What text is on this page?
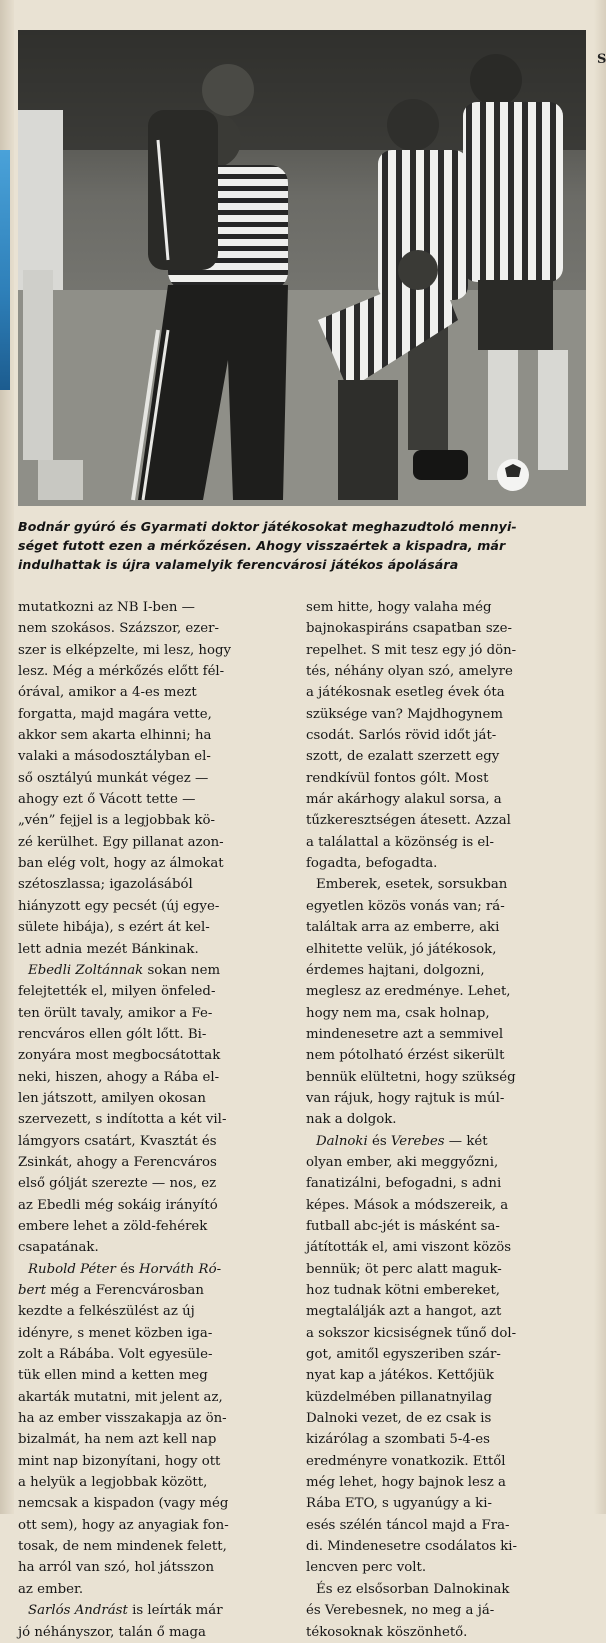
S
Bodnár gyúró és Gyarmati doktor játékosokat meghazudtoló mennyi-
séget futott ezen a mérkőzésen. Ahogy visszaértek a kispadra, már
indulhattak is újra valamelyik ferencvárosi játékos ápolására
mutatkozni az NB I-ben —
nem szokásos. Százszor, ezer-
szer is elképzelte, mi lesz, hogy
lesz. Még a mérkőzés előtt fél-
órával, amikor a 4-es mezt
forgatta, majd magára vette,
akkor sem akarta elhinni; ha
valaki a másodosztályban el-
ső osztályú munkát végez —
ahogy ezt ő Vácott tette —
„vén” fejjel is a legjobbak kö-
zé kerülhet. Egy pillanat azon-
ban elég volt, hogy az álmokat
szétoszlassa; igazolásából
hiányzott egy pecsét (új egye-
sülete hibája), s ezért át kel-
lett adnia mezét Bánkinak.
Ebedli Zoltánnak sokan nem
felejtették el, milyen önfeled-
ten örült tavaly, amikor a Fe-
rencváros ellen gólt lőtt. Bi-
zonyára most megbocsátottak
neki, hiszen, ahogy a Rába el-
len játszott, amilyen okosan
szervezett, s indította a két vil-
lámgyors csatárt, Kvasztát és
Zsinkát, ahogy a Ferencváros
első gólját szerezte — nos, ez
az Ebedli még sokáig irányító
embere lehet a zöld-fehérek
csapatának.
Rubold Péter és Horváth Ró-
bert még a Ferencvárosban
kezdte a felkészülést az új
idényre, s menet közben iga-
zolt a Rábába. Volt egyesüle-
tük ellen mind a ketten meg
akarták mutatni, mit jelent az,
ha az ember visszakapja az ön-
bizalmát, ha nem azt kell nap
mint nap bizonyítani, hogy ott
a helyük a legjobbak között,
nemcsak a kispadon (vagy még
ott sem), hogy az anyagiak fon-
tosak, de nem mindenek felett,
ha arról van szó, hol játsszon
az ember.
Sarlós Andrást is leírták már
jó néhányszor, talán ő maga
sem hitte, hogy valaha még
bajnokaspiráns csapatban sze-
repelhet. S mit tesz egy jó dön-
tés, néhány olyan szó, amelyre
a játékosnak esetleg évek óta
szüksége van? Majdhogynem
csodát. Sarlós rövid időt ját-
szott, de ezalatt szerzett egy
rendkívül fontos gólt. Most
már akárhogy alakul sorsa, a
tűzkeresztségen átesett. Azzal
a találattal a közönség is el-
fogadta, befogadta.
Emberek, esetek, sorsukban
egyetlen közös vonás van; rá-
találtak arra az emberre, aki
elhitette velük, jó játékosok,
érdemes hajtani, dolgozni,
meglesz az eredménye. Lehet,
hogy nem ma, csak holnap,
mindenesetre azt a semmivel
nem pótolható érzést sikerült
bennük elültetni, hogy szükség
van rájuk, hogy rajtuk is múl-
nak a dolgok.
Dalnoki és Verebes — két
olyan ember, aki meggyőzni,
fanatizálni, befogadni, s adni
képes. Mások a módszereik, a
futball abc-jét is másként sa-
játították el, ami viszont közös
bennük; öt perc alatt maguk-
hoz tudnak kötni embereket,
megtalálják azt a hangot, azt
a sokszor kicsiségnek tűnő dol-
got, amitől egyszeriben szár-
nyat kap a játékos. Kettőjük
küzdelmében pillanatnyilag
Dalnoki vezet, de ez csak is
kizárólag a szombati 5-4-es
eredményre vonatkozik. Ettől
még lehet, hogy bajnok lesz a
Rába ETO, s ugyanúgy a ki-
esés szélén táncol majd a Fra-
di. Mindenesetre csodálatos ki-
lencven perc volt.
És ez elsősorban Dalnokinak
és Verebesnek, no meg a já-
tékosoknak köszönhető.
